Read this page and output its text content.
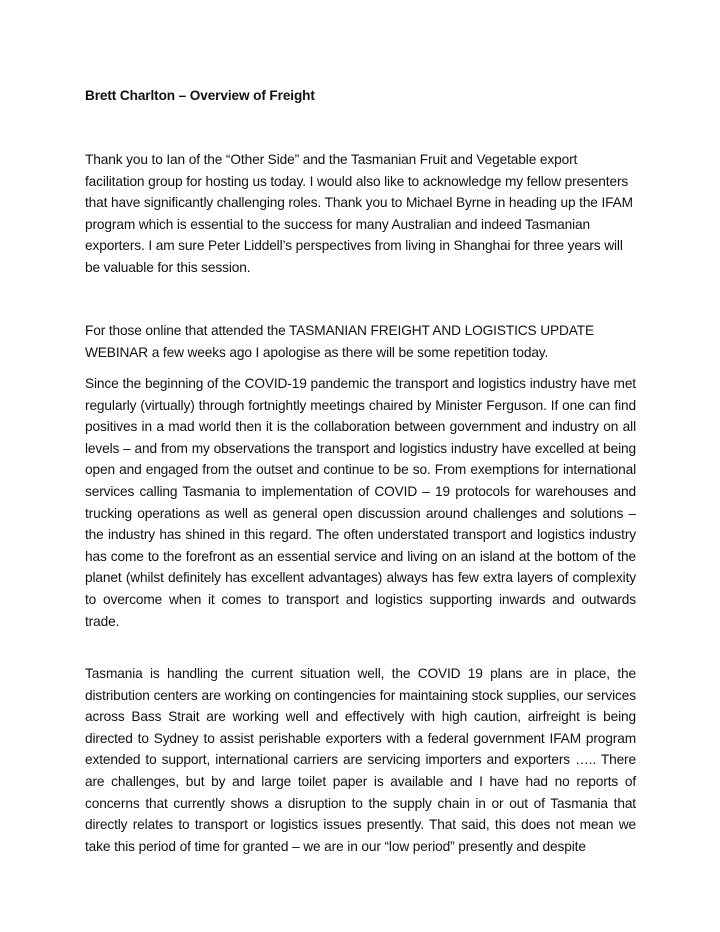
Brett Charlton – Overview of Freight

Thank you to Ian of the “Other Side” and the Tasmanian Fruit and Vegetable export facilitation group for hosting us today. I would also like to acknowledge my fellow presenters that have significantly challenging roles. Thank you to Michael Byrne in heading up the IFAM program which is essential to the success for many Australian and indeed Tasmanian exporters. I am sure Peter Liddell’s perspectives from living in Shanghai for three years will be valuable for this session.

For those online that attended the TASMANIAN FREIGHT AND LOGISTICS UPDATE WEBINAR a few weeks ago I apologise as there will be some repetition today.

Since the beginning of the COVID-19 pandemic the transport and logistics industry have met regularly (virtually) through fortnightly meetings chaired by Minister Ferguson. If one can find positives in a mad world then it is the collaboration between government and industry on all levels – and from my observations the transport and logistics industry have excelled at being open and engaged from the outset and continue to be so. From exemptions for international services calling Tasmania to implementation of COVID – 19 protocols for warehouses and trucking operations as well as general open discussion around challenges and solutions – the industry has shined in this regard. The often understated transport and logistics industry has come to the forefront as an essential service and living on an island at the bottom of the planet (whilst definitely has excellent advantages) always has few extra layers of complexity to overcome when it comes to transport and logistics supporting inwards and outwards trade.

Tasmania is handling the current situation well, the COVID 19 plans are in place, the distribution centers are working on contingencies for maintaining stock supplies, our services across Bass Strait are working well and effectively with high caution, airfreight is being directed to Sydney to assist perishable exporters with a federal government IFAM program extended to support, international carriers are servicing importers and exporters ….. There are challenges, but by and large toilet paper is available and I have had no reports of concerns that currently shows a disruption to the supply chain in or out of Tasmania that directly relates to transport or logistics issues presently. That said, this does not mean we take this period of time for granted – we are in our “low period” presently and despite
